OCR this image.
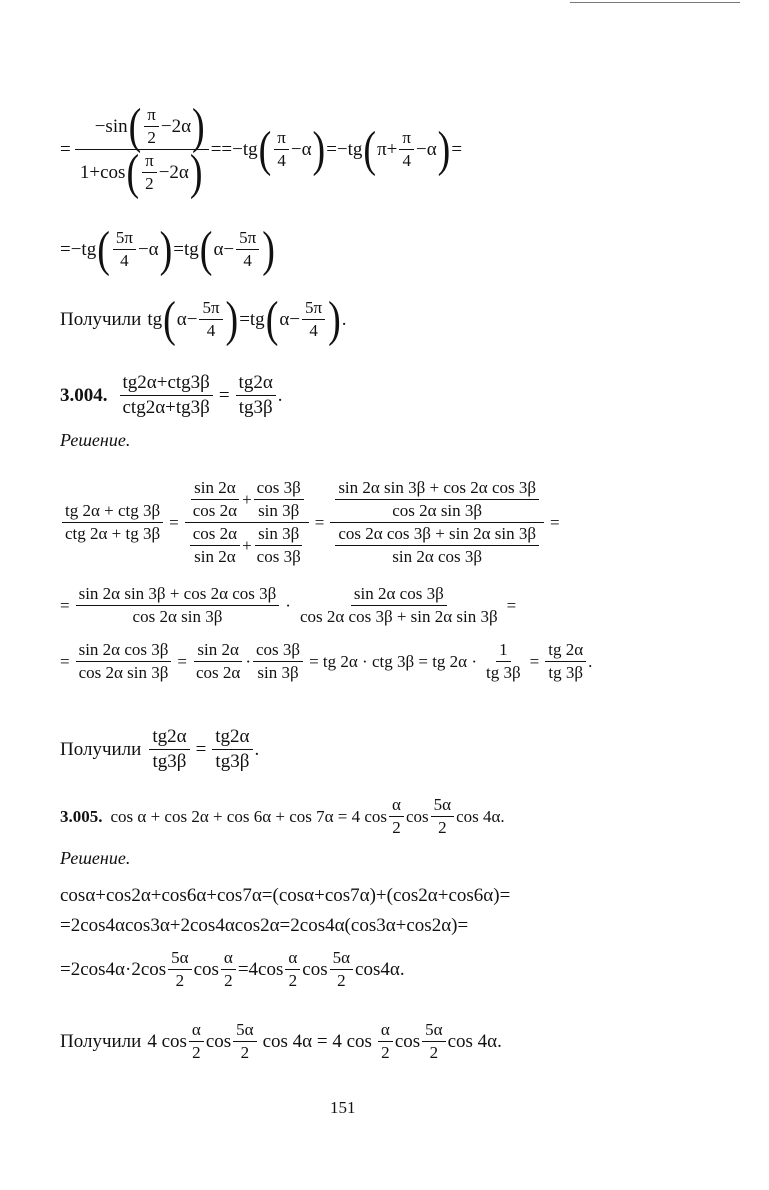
= $\frac{-\sin ( \frac{\pi}{2} -2\alpha )}{1+\cos ( \frac{\pi}{2} -2\alpha )} ==-tg$ ( $\frac{\pi}{4} -\alpha$ ) =−tg ( $\pi+ \frac{\pi}{4} -\alpha$ ) =
=−tg ( $\frac{5\pi}{4} -\alpha$ ) =tg ( $\alpha- \frac{5\pi}{4}$ )
Получили tg ( $\alpha- \frac{5\pi}{4}$ ) =tg ( $\alpha- \frac{5\pi}{4}$ ) .
3.004. $\frac{\text{tg2α+ctg3β}}{\text{ctg2α+tg3β}} = \frac{tg2\alpha}{tg3\beta}$ .
Решение.
$\frac{\text{tg 2α + ctg 3β}}{\text{ctg 2α + tg 3β}} = \frac{\frac{\sin 2\alpha}{\cos 2\alpha} + \frac{\cos 3\beta}{\sin 3\beta}}{\frac{\cos 2\alpha}{\sin 2\alpha} + \frac{\sin 3\beta}{\cos 3\beta}} = \frac{\frac{\text{sin 2α sin 3β + cos 2α cos 3β}}{\text{cos 2α sin 3β}}}{\frac{\text{cos 2α cos 3β + sin 2α sin 3β}}{\text{sin 2α cos 3β}}}$ =
= $\frac{\text{sin 2α sin 3β + cos 2α cos 3β}}{\text{cos 2α sin 3β}} \cdot \frac{\text{sin 2α cos 3β}}{\text{cos 2α cos 3β + sin 2α sin 3β}}$ =
= $\frac{\text{sin 2α cos 3β}}{\text{cos 2α sin 3β}} = \frac{\sin 2\alpha}{\cos 2\alpha} \cdot \frac{\cos 3\beta}{\sin 3\beta}$ = tg 2α · ctg 3β = tg $2\alpha \cdot \frac{1}{tg 3\beta} = \frac{tg 2\alpha}{tg 3\beta}$ .
Получили $\frac{tg2\alpha}{tg3\beta} = \frac{tg2\alpha}{tg3\beta}$ .
3.005. cos α + cos 2α + cos 6α + cos 7α = 4 $\cos \frac{\alpha}{2}$ $\cos \frac{5\alpha}{2}$ cos 4α.
Решение.
cosα+cos2α+cos6α+cos7α=(cosα+cos7α)+(cos2α+cos6α)=
=2cos4αcos3α+2cos4αcos2α=2cos4α(cos3α+cos2α)=
$=2\cos 4\alpha\cdot 2\cos \frac{5\alpha}{2}$ $\cos \frac{\alpha}{2} =4\cos \frac{\alpha}{2}$ $\cos \frac{5\alpha}{2} \cos 4\alpha$.
Получили 4 $\cos \frac{\alpha}{2}$ $\cos \frac{5\alpha}{2}$ cos 4α = 4 $\cos \frac{\alpha}{2}$ $\cos \frac{5\alpha}{2}$ cos 4α.
151
